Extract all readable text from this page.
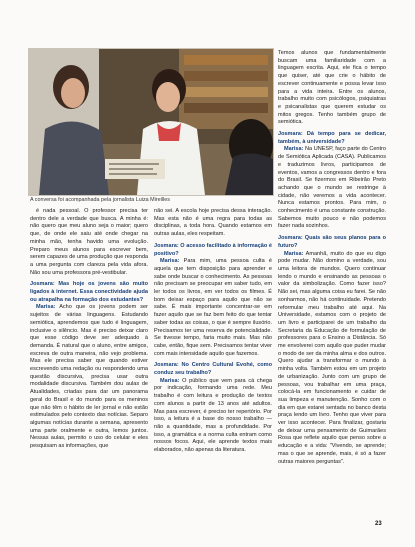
A conversa foi acompanhada pela jornalista Luiza Mireilles

é nada pessoal. O professor precisa ter dentro dele a verdade que busca. A minha é: não quero que meu aluno seja o maior; quero que, de onde ele saiu até onde chegar na minha mão, tenha havido uma evolução. Preparo meus alunos para escrever bem, serem capazes de uma produção que responda a uma pergunta com clareza pela vida afora. Não sou uma professora pré-vestibular.

Josmara: Mas hoje os jovens são muito ligados à internet. Essa conectividade ajuda ou atrapalha na formação dos estudantes?

Marisa: Acho que os jovens podem ser sujeitos de várias linguagens. Estudando semiótica, aprendemos que tudo é linguagem, inclusive o silêncio. Mas é preciso deixar claro que esse código deve ser adequado à demanda. É natural que o aluno, entre amigos, escreva de outra maneira, não vejo problema. Mas ele precisa saber que quando estiver escrevendo uma redação ou respondendo uma questão discursiva, precisa usar outra modalidade discursiva. Também dou aulas de Atualidades, criadas para dar um panorama geral do Brasil e do mundo para os meninos que não têm o hábito de ler jornal e não estão estimulados pelo contexto das notícias. Separo algumas notícias durante a semana, apresento uma parte oralmente e outra, lemos juntos. Nessas aulas, permito o uso do celular e eles pesquisam as informações, que

não sei. A escola hoje precisa dessa interação. Mas esta não é uma regra para todas as disciplinas, a toda hora. Quando estamos em outras aulas, eles respeitam.

Josmara: O acesso facilitado à informação é positivo?

Marisa: Para mim, uma pessoa culta é aquela que tem disposição para aprender e sabe onde buscar o conhecimento. As pessoas não precisam se preocupar em saber tudo, em ler todos os livros, em ver todos os filmes. É bom deixar espaço para aquilo que não se sabe. É mais importante concentrar-se em fazer aquilo que se faz bem feito do que tentar saber todas as coisas, o que é sempre ilusório. Precisamos ter uma reserva de potencialidade. Se tivesse tempo, faria muito mais. Mas não cabe, então, fique sem. Precisamos tentar viver com mais intensidade aquilo que fazemos.

Josmara: No Centro Cultural Evohé, como conduz seu trabalho?

Marisa: O público que vem para cá chega por indicação, formando uma rede. Meu trabalho é com leitura e produção de textos com alunos a partir de 13 anos até adultos. Mas para escrever, é preciso ter repertório. Por isso, a leitura é a base do nosso trabalho — não a quantidade, mas a profundidade. Por isso, a gramática e a norma culta entram como nossos focos. Aqui, ele aprende textos mais elaborados, não apenas da literatura.

Temos alunos que fundamentalmente buscam uma familiaridade com a linguagem escrita. Aqui, ele fica o tempo que quiser, até que crie o hábito de escrever continuamente e possa levar isso para a vida inteira. Entre os alunos, trabalho muito com psicólogos, psiquiatras e psicanalistas que querem estudar os mitos gregos. Tenho também grupo de semiótica.

Josmara: Dá tempo para se dedicar, também, à universidade?

Marisa: Na UNESP, faço parte do Centro de Semiótica Aplicada (CASA). Publicamos e traduzimos livros, participamos de eventos, vamos a congressos dentro e fora do Brasil. Se fizermos em Ribeirão Preto achando que o mundo se restringe à cidade, não veremos a vida acontecer. Nunca estamos prontos. Para mim, o conhecimento é uma constante construção. Sabemos muito pouco e não podemos fazer nada sozinhos.

Josmara: Quais são seus planos para o futuro?

Marisa: Amanhã, muito do que eu digo pode mudar. Não domino a verdade, sou uma leitora de mundos. Quero continuar lendo o mundo e ensinando as pessoas o valor da simbolização. Como fazer isso? Não sei, mas alguma coisa eu farei. Se não sonharmos, não há continuidade. Pretendo reformular meu trabalho até aqui. Na Universidade, estamos com o projeto de um livro e participarei de um trabalho da Secretaria da Educação de formulação de professores para o Ensino a Distância. Só me envolverei com aquilo que puder mudar o modo de ser da minha alma e dos outros. Quero ajudar a transformar o mundo à minha volta. Também estou em um projeto de urbanização. Junto com um grupo de pessoas, vou trabalhar em uma praça, colocá-la em funcionamento e cuidar de sua limpeza e manutenção. Sonho com o dia em que estarei sentada no banco desta praça lendo um livro. Tenho que viver para ver isso acontecer. Para finalizar, gostaria de deixar uma pensamento de Guimarães Rosa que reflete aquilo que penso sobre a educação e a vida: "Vivendo, se aprende; mas o que se aprende, mais, é só a fazer outras maiores perguntas".

23
